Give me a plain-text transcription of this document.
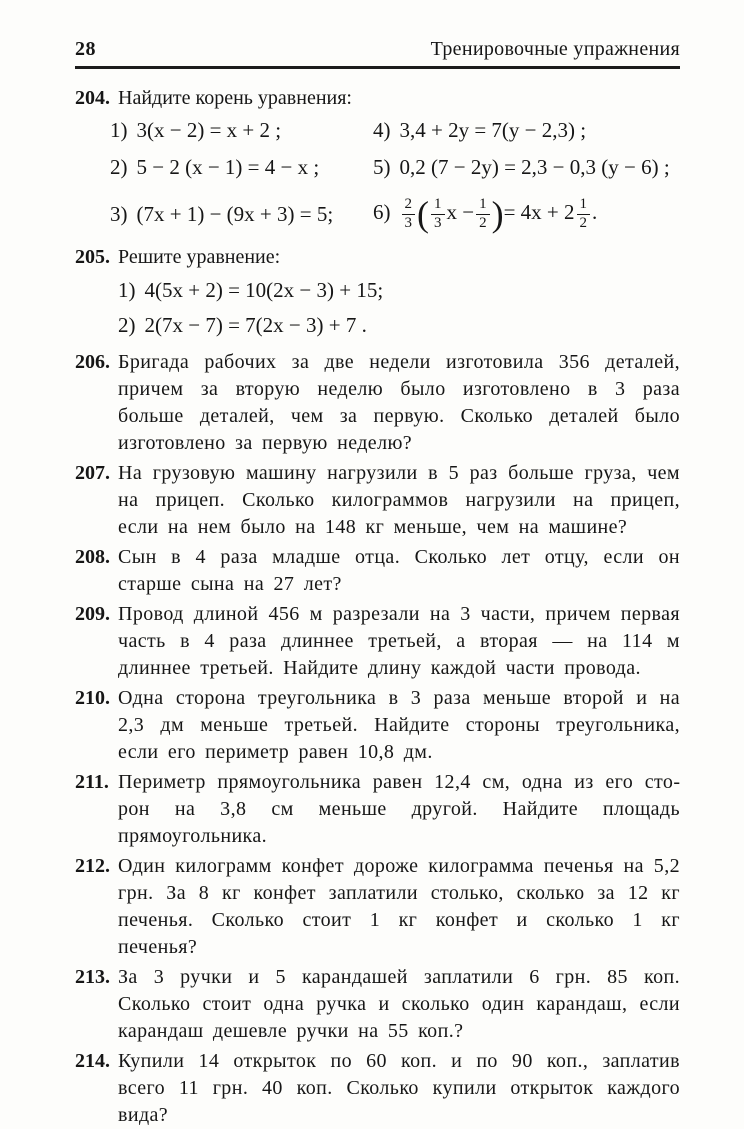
28	Тренировочные упражнения
204. Найдите корень уравнения:
1) 3(x − 2) = x + 2 ;	4) 3,4 + 2y = 7(y − 2,3) ;
2) 5 − 2 (x − 1) = 4 − x ;	5) 0,2 (7 − 2y) = 2,3 − 0,3 (y − 6) ;
3) (7x + 1) − (9x + 3) = 5;	$6) \frac{2}{3}$ ( $\frac{1}{3}$ $x - \frac{1}{2}$ )= $4x + 2 \frac{1}{2}$ .
205. Решите уравнение:
1) 4(5x + 2) = 10(2x − 3) + 15;
2) 2(7x − 7) = 7(2x − 3) + 7 .
206. Бригада рабочих за две недели изготовила 356 деталей, причем за вторую неделю было изготовлено в 3 раза больше деталей, чем за первую. Сколько деталей было изготовлено за первую неделю?

207. На грузовую машину нагрузили в 5 раз больше груза, чем на прицеп. Сколько килограммов нагрузили на прицеп, если на нем было на 148 кг меньше, чем на машине?

208. Сын в 4 раза младше отца. Сколько лет отцу, если он старше сына на 27 лет?

209. Провод длиной 456 м разрезали на 3 части, причем первая часть в 4 раза длиннее третьей, а вторая — на 114 м длиннее третьей. Найдите длину каждой части провода.

210. Одна сторона треугольника в 3 раза меньше второй и на 2,3 дм меньше третьей. Найдите стороны треугольника, если его периметр равен 10,8 дм.

211. Периметр прямоугольника равен 12,4 см, одна из его сторон на 3,8 см меньше другой. Найдите площадь прямоугольника.

212. Один килограмм конфет дороже килограмма печенья на 5,2 грн. За 8 кг конфет заплатили столько, сколько за 12 кг печенья. Сколько стоит 1 кг конфет и сколько 1 кг печенья?

213. За 3 ручки и 5 карандашей заплатили 6 грн. 85 коп. Сколько стоит одна ручка и сколько один карандаш, если карандаш дешевле ручки на 55 коп.?

214. Купили 14 открыток по 60 коп. и по 90 коп., заплатив всего 11 грн. 40 коп. Сколько купили открыток каждого вида?
